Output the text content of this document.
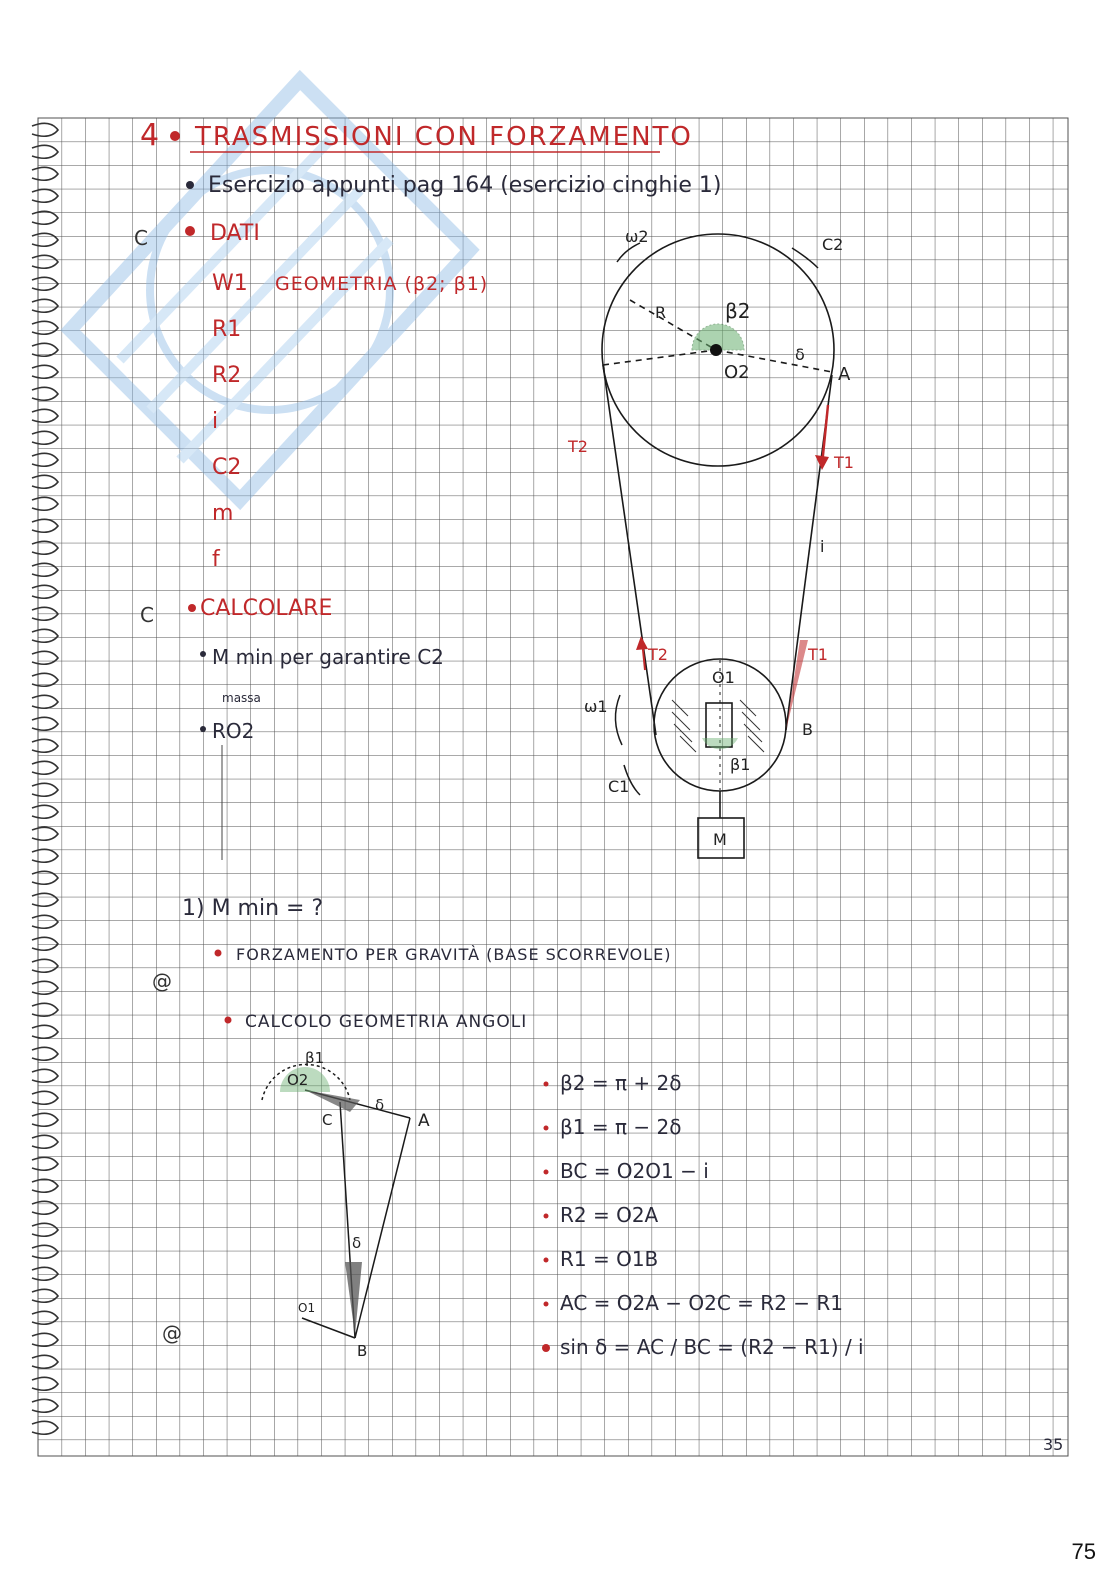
4 TRASMISSIONI CON FORZAMENTO
Esercizio appunti pag 164 (esercizio cinghie 1)
DATI
W1
R1
R2
i
C2
m
f
GEOMETRIA (β2; β1)
C
C CALCOLARE
M min per garantire C2
massa
RO2
ω2	C2
R	β2
O2
δ
A
T2
T1
i
T2	T1
O1
ω1
C1
B
β1
M
1) M min = ?
FORZAMENTO PER GRAVITÀ (BASE SCORREVOLE)
@
CALCOLO GEOMETRIA ANGOLI
β1
O2
C
δ
A
δ
O1
B
@
β2 = π + 2δ
β1 = π − 2δ
BC = O2O1 − i
R2 = O2A
R1 = O1B
AC = O2A − O2C = R2 − R1
sin δ = AC / BC = (R2 − R1) / i
35
75
